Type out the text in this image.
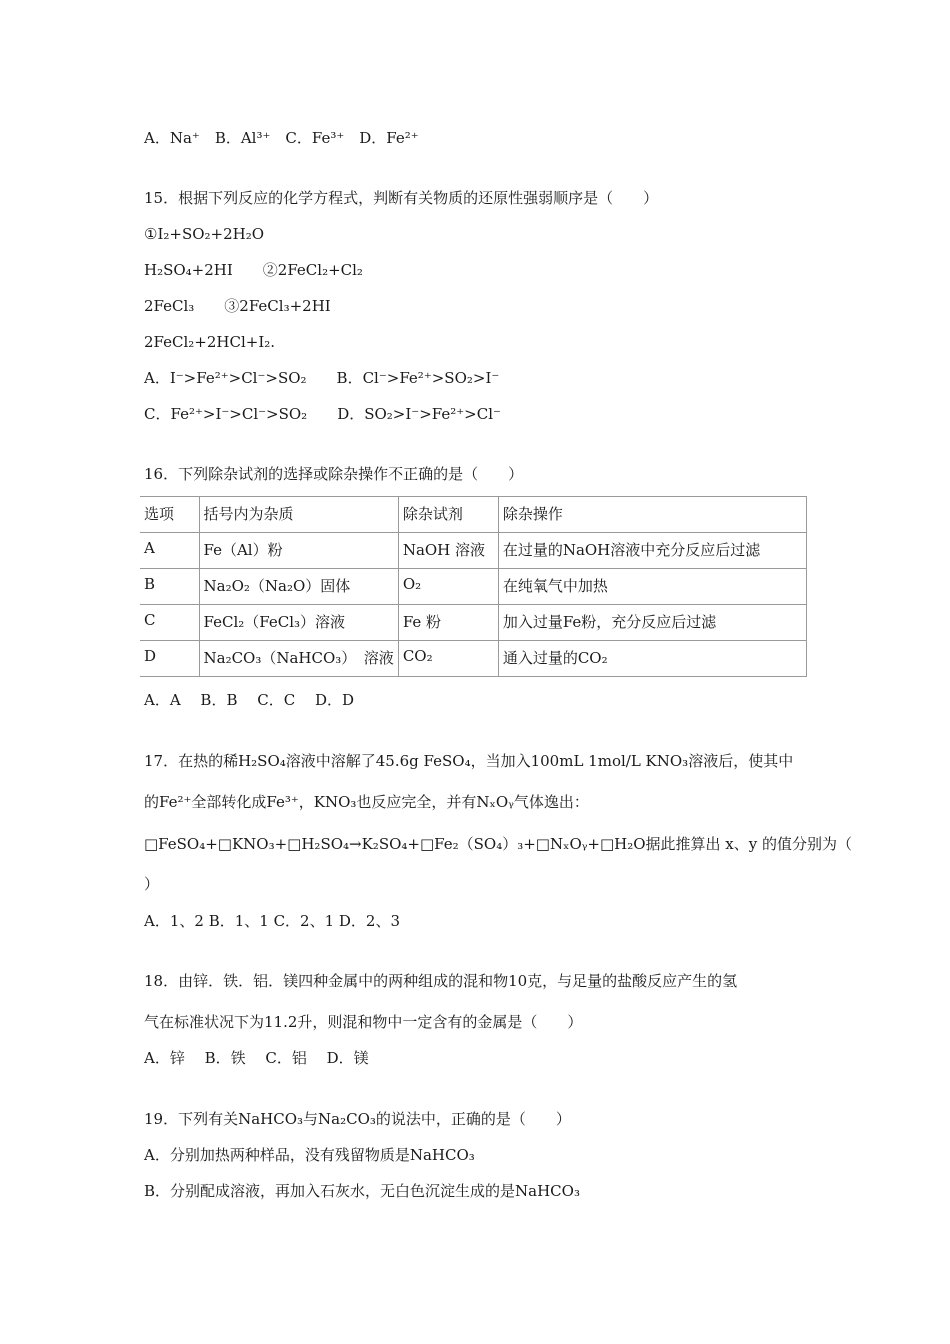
A．Na⁺　B．Al³⁺　C．Fe³⁺　D．Fe²⁺
15．根据下列反应的化学方程式，判断有关物质的还原性强弱顺序是（　　）
①I₂+SO₂+2H₂O
H₂SO₄+2HI　　②2FeCl₂+Cl₂
2FeCl₃　　③2FeCl₃+2HI
2FeCl₂+2HCl+I₂.
A．I⁻>Fe²⁺>Cl⁻>SO₂　　B．Cl⁻>Fe²⁺>SO₂>I⁻
C．Fe²⁺>I⁻>Cl⁻>SO₂　　D．SO₂>I⁻>Fe²⁺>Cl⁻
16．下列除杂试剂的选择或除杂操作不正确的是（　　）
选项	括号内为杂质	除杂试剂	除杂操作
A	Fe（Al）粉	NaOH 溶液	在过量的NaOH溶液中充分反应后过滤
B	Na₂O₂（Na₂O）固体	O₂	在纯氧气中加热
C	FeCl₂（FeCl₃）溶液	Fe 粉	加入过量Fe粉，充分反应后过滤
D	Na₂CO₃（NaHCO₃）　溶液	CO₂	通入过量的CO₂
A．A　 B．B　 C．C　 D．D
17．在热的稀H₂SO₄溶液中溶解了45.6g FeSO₄，当加入100mL 1mol/L KNO₃溶液后，使其中
的Fe²⁺全部转化成Fe³⁺，KNO₃也反应完全，并有NₓOᵧ气体逸出：
□FeSO₄+□KNO₃+□H₂SO₄→K₂SO₄+□Fe₂（SO₄）₃+□NₓOᵧ+□H₂O据此推算出 x、y 的值分别为（
）
A．1、2 B．1、1 C．2、1 D．2、3
18．由锌．铁．铝．镁四种金属中的两种组成的混和物10克，与足量的盐酸反应产生的氢
气在标准状况下为11.2升，则混和物中一定含有的金属是（　　）
A．锌　 B．铁　 C．铝　 D．镁
19．下列有关NaHCO₃与Na₂CO₃的说法中，正确的是（　　）
A．分别加热两种样品，没有残留物质是NaHCO₃
B．分别配成溶液，再加入石灰水，无白色沉淀生成的是NaHCO₃
